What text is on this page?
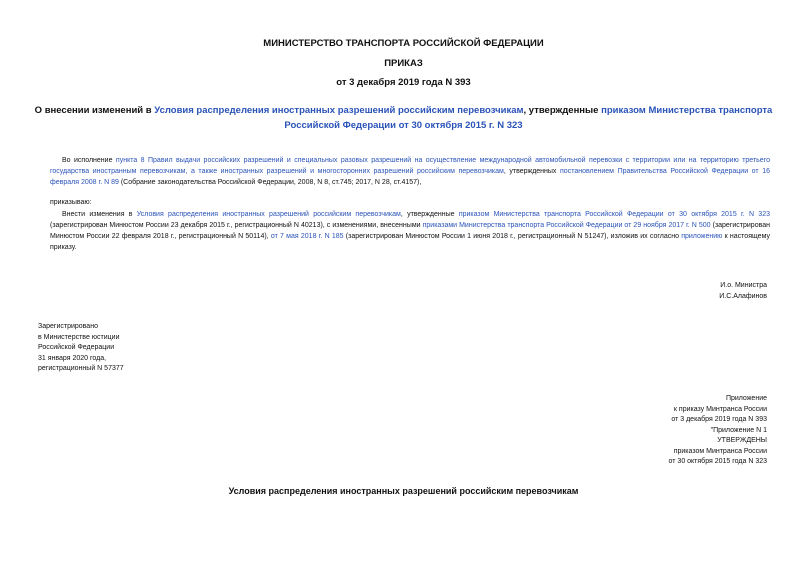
МИНИСТЕРСТВО ТРАНСПОРТА РОССИЙСКОЙ ФЕДЕРАЦИИ
ПРИКАЗ
от 3 декабря 2019 года N 393
О внесении изменений в Условия распределения иностранных разрешений российским перевозчикам, утвержденные приказом Министерства транспорта Российской Федерации от 30 октября 2015 г. N 323

Во исполнение пункта 8 Правил выдачи российских разрешений и специальных разовых разрешений на осуществление международной автомобильной перевозки с территории или на территорию третьего государства иностранным перевозчикам, а также иностранных разрешений и многосторонних разрешений российским перевозчикам, утвержденных постановлением Правительства Российской Федерации от 16 февраля 2008 г. N 89 (Собрание законодательства Российской Федерации, 2008, N 8, ст.745; 2017, N 28, ст.4157),

приказываю:

Внести изменения в Условия распределения иностранных разрешений российским перевозчикам, утвержденные приказом Министерства транспорта Российской Федерации от 30 октября 2015 г. N 323 (зарегистрирован Минюстом России 23 декабря 2015 г., регистрационный N 40213), с изменениями, внесенными приказами Министерства транспорта Российской Федерации от 29 ноября 2017 г. N 500 (зарегистрирован Минюстом России 22 февраля 2018 г., регистрационный N 50114), от 7 мая 2018 г. N 185 (зарегистрирован Минюстом России 1 июня 2018 г., регистрационный N 51247), изложив их согласно приложению к настоящему приказу.

И.о. Министра
И.С.Алафинов
Зарегистрировано
в Министерстве юстиции
Российской Федерации
31 января 2020 года,
регистрационный N 57377
Приложение
к приказу Минтранса России
от 3 декабря 2019 года N 393
"Приложение N 1
УТВЕРЖДЕНЫ
приказом Минтранса России
от 30 октября 2015 года N 323
Условия распределения иностранных разрешений российским перевозчикам
